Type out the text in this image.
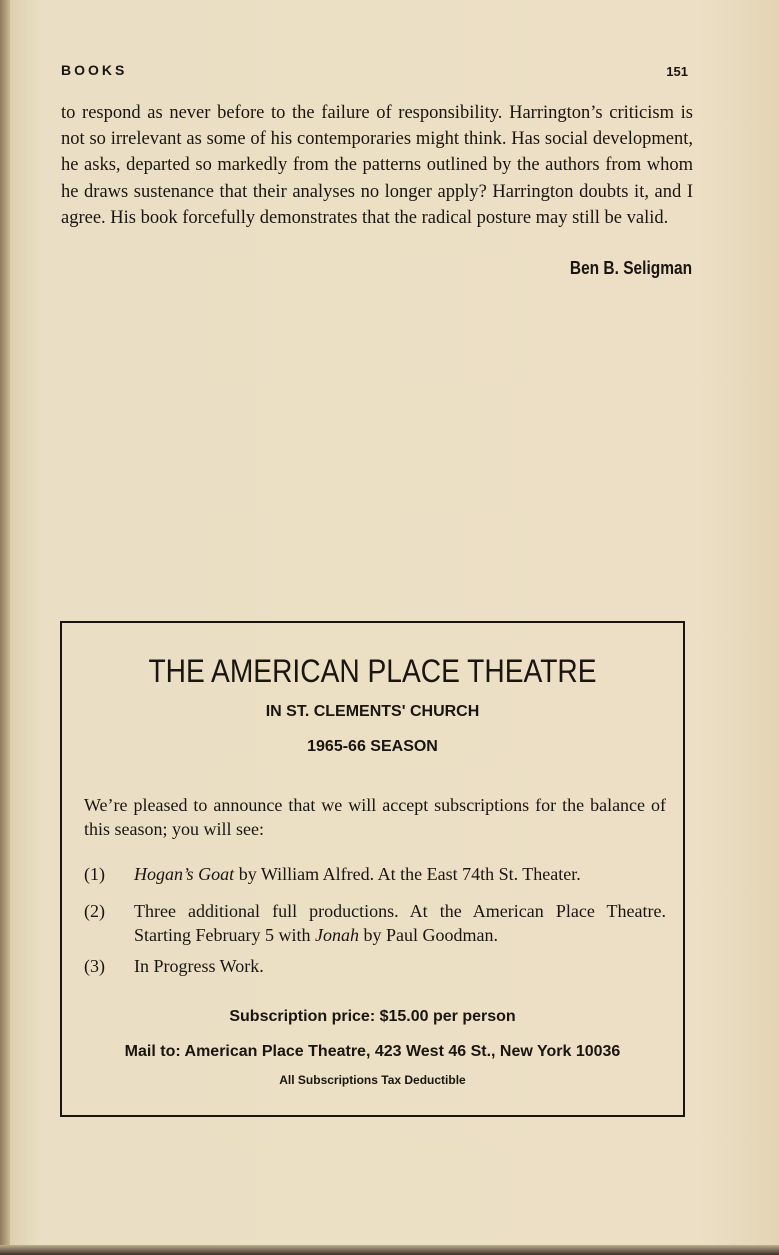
BOOKS	151

to respond as never before to the failure of responsibility. Harrington’s criticism is not so irrelevant as some of his contemporaries might think. Has social development, he asks, departed so markedly from the patterns outlined by the authors from whom he draws sustenance that their analyses no longer apply? Harrington doubts it, and I agree. His book forcefully demonstrates that the radical posture may still be valid.

Ben B. Seligman
THE AMERICAN PLACE THEATRE
IN ST. CLEMENTS' CHURCH
1965-66 SEASON
We’re pleased to announce that we will accept subscriptions for the balance of this season; you will see:
(1)	Hogan’s Goat by William Alfred. At the East 74th St. Theater.
(2)	Three additional full productions. At the American Place Theatre. Starting February 5 with Jonah by Paul Goodman.
(3)	In Progress Work.
Subscription price: $15.00 per person
Mail to: American Place Theatre, 423 West 46 St., New York 10036
All Subscriptions Tax Deductible
